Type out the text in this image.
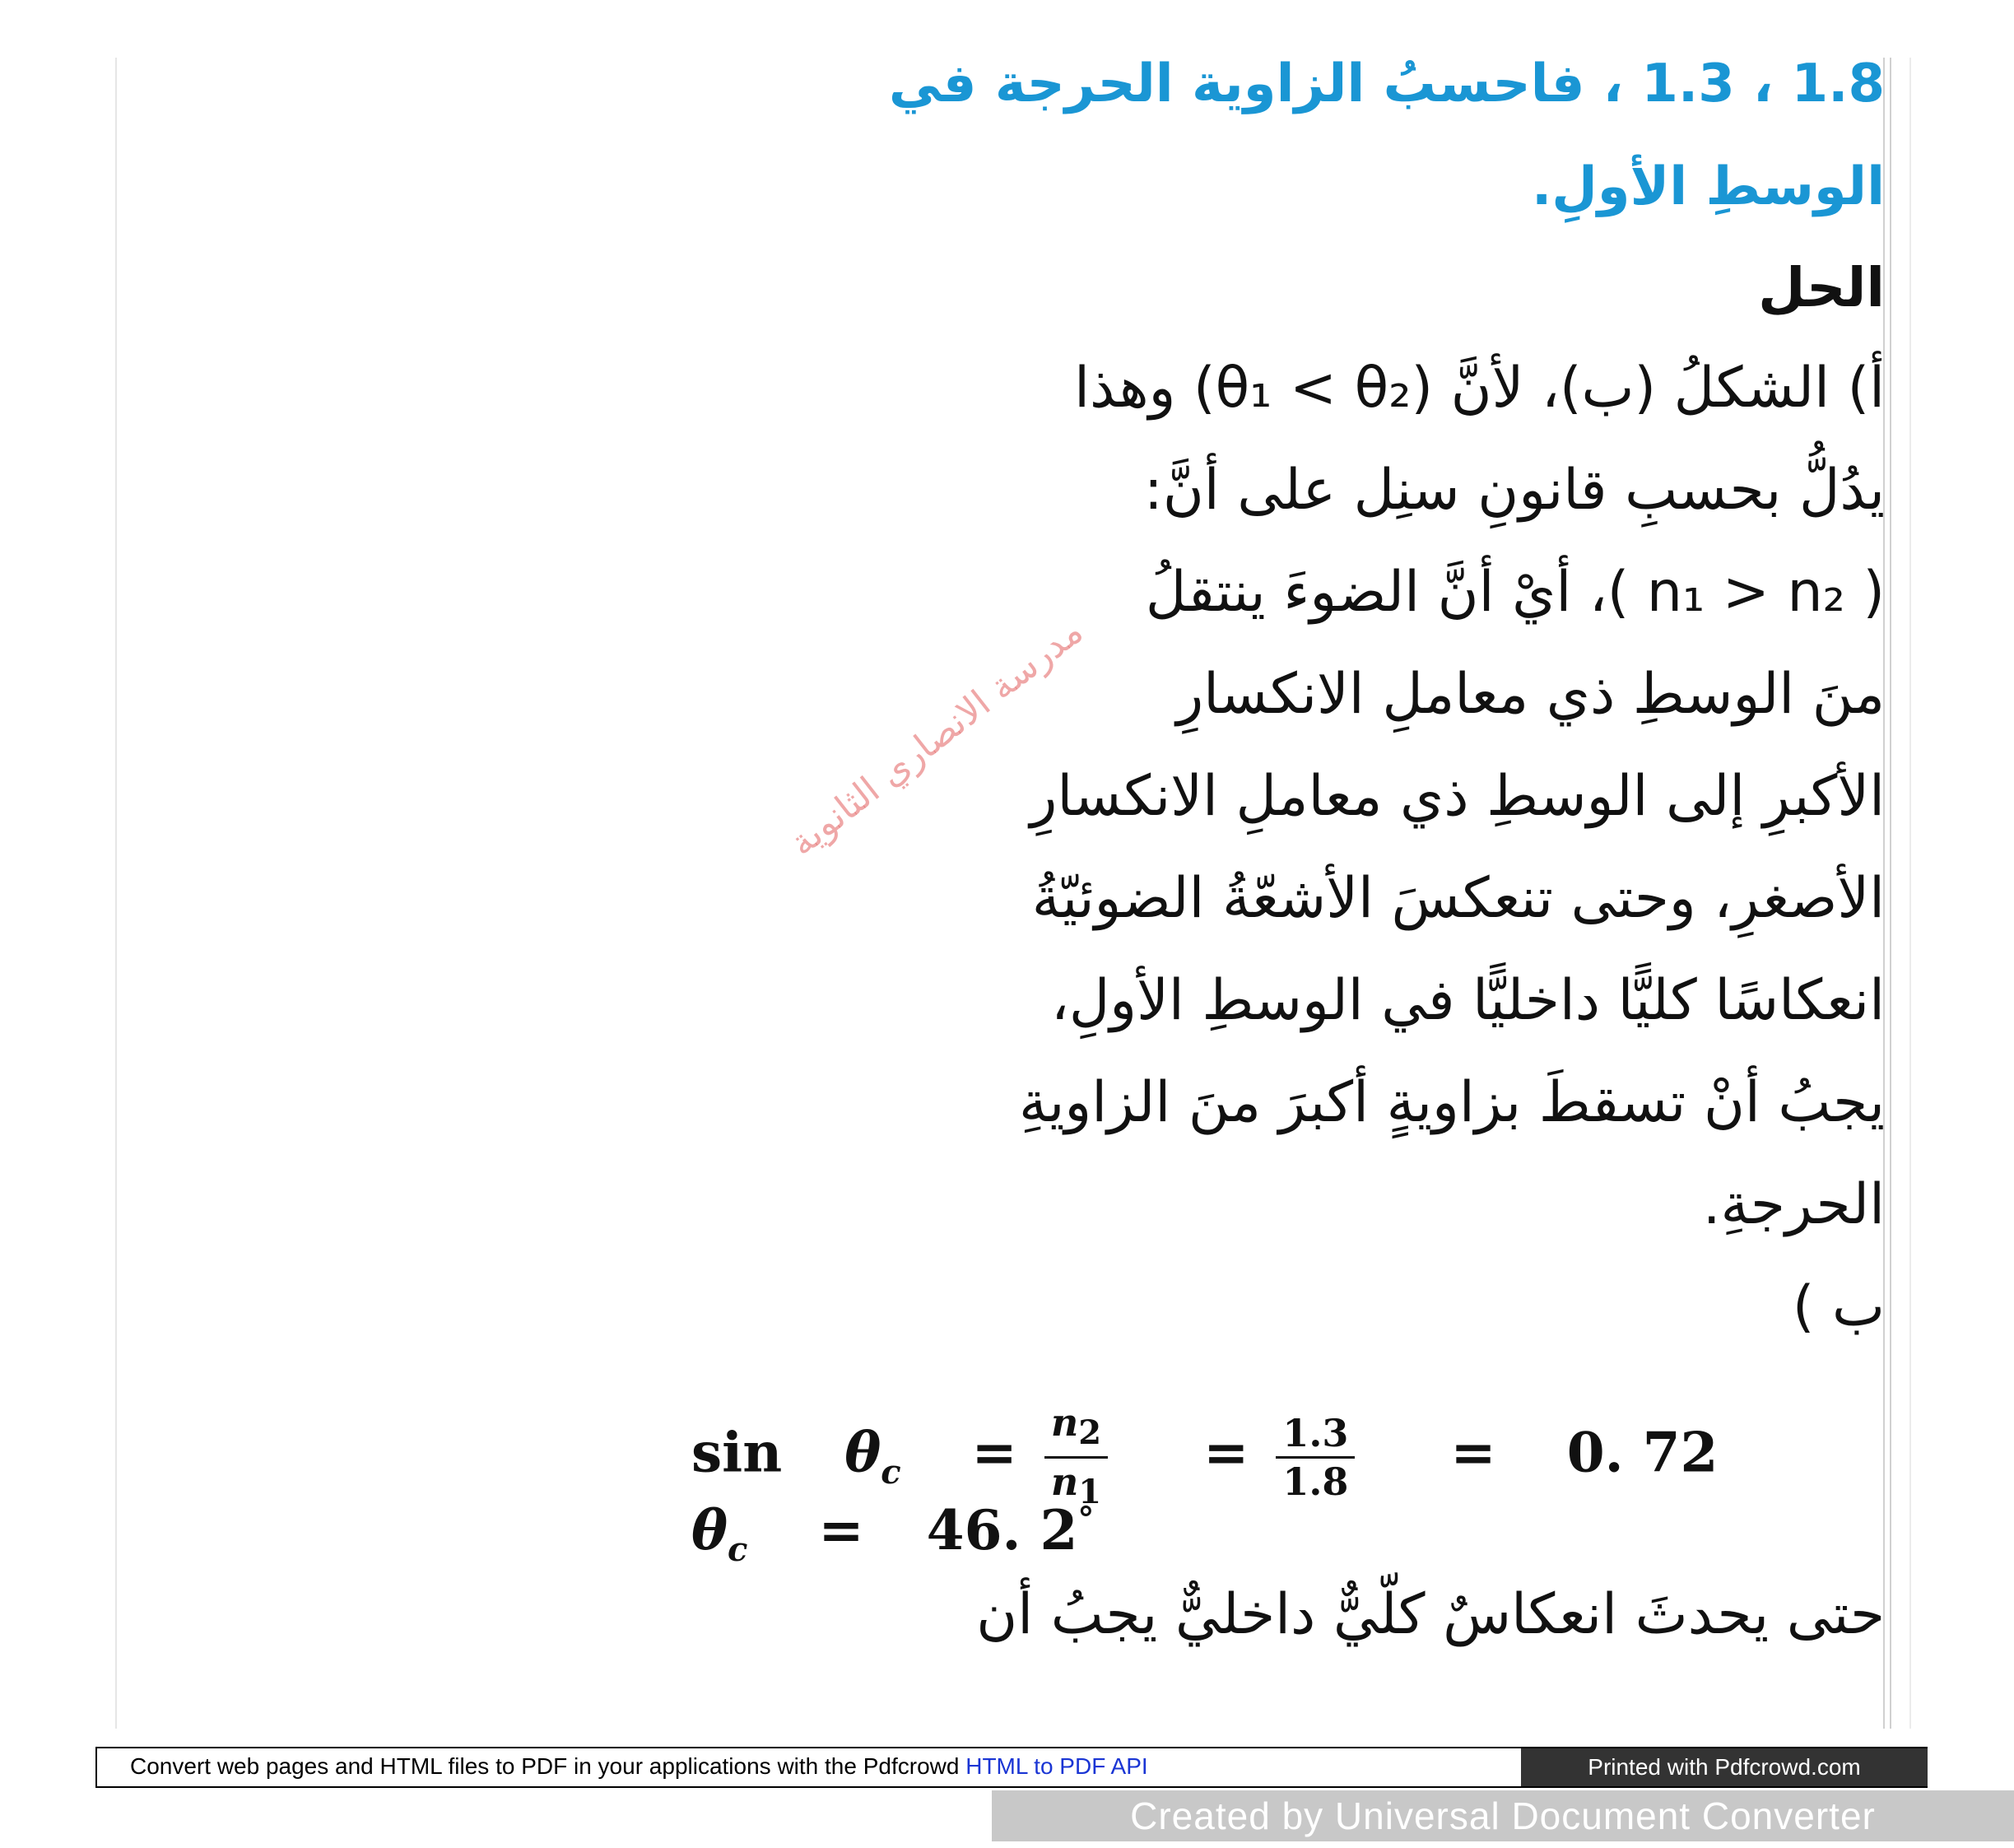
1.8 ، 1.3 ، فاحسبُ الزاوية الحرجة في
الوسطِ الأولِ.
الحل
أ) الشكلُ (ب)، لأنَّ (θ₁ < θ₂) وهذا
يدُلُّ بحسبِ قانونِ سنِل على أنَّ:
( n₁ > n₂ )، أيْ أنَّ الضوءَ ينتقلُ
منَ الوسطِ ذي معاملِ الانكسارِ
الأكبرِ إلى الوسطِ ذي معاملِ الانكسارِ
الأصغرِ، وحتى تنعكسَ الأشعّةُ الضوئيّةُ
انعكاسًا كليًّا داخليًّا في الوسطِ الأولِ،
يجبُ أنْ تسقطَ بزاويةٍ أكبرَ منَ الزاويةِ
الحرجةِ.
ب )
حتى يحدثَ انعكاسٌ كلّيٌّ داخليٌّ يجبُ أن
$\sin \theta_c = \frac{n_2}{n_1} = \frac{1.3}{1.8} = 0$. 72
$\theta_c = 46$. 2°
مدرسة الانصاري الثانوية
Convert web pages and HTML files to PDF in your applications with the Pdfcrowd HTML to PDF API	Printed with Pdfcrowd.com
Created by Universal Document Converter
